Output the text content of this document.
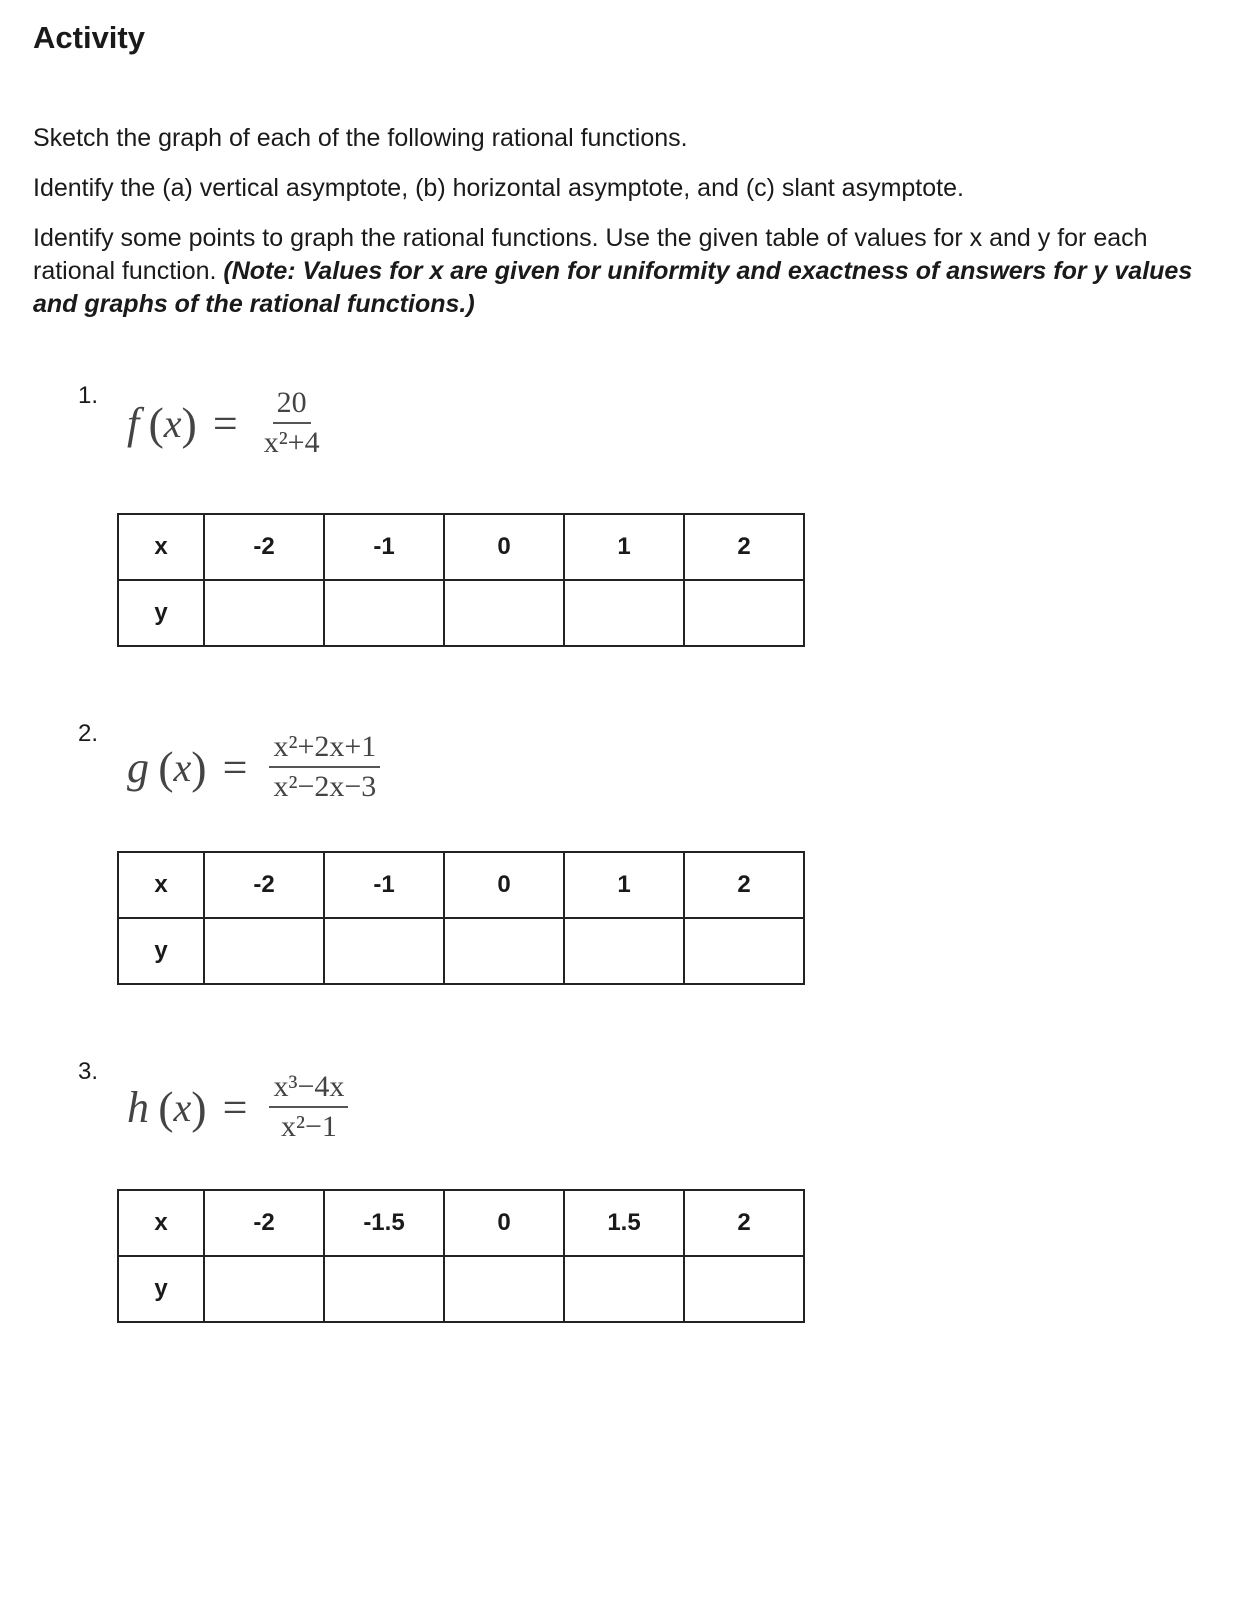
Activity

Sketch the graph of each of the following rational functions.

Identify the (a) vertical asymptote, (b) horizontal asymptote, and (c) slant asymptote.

Identify some points to graph the rational functions. Use the given table of values for x and y for each rational function. (Note: Values for x are given for uniformity and exactness of answers for y values and graphs of the rational functions.)

1.
f  ( x ) = $\frac{20}{\text{x²+4}}$
x	-2	-1	0	1	2
y					
2.
g  ( x ) = $\frac{\text{x²+2x+1}}{\text{x²−2x−3}}$
x	-2	-1	0	1	2
y					
3.
h  ( x ) = $\frac{\text{x³−4x}}{\text{x²−1}}$
x	-2	-1.5	0	1.5	2
y					
